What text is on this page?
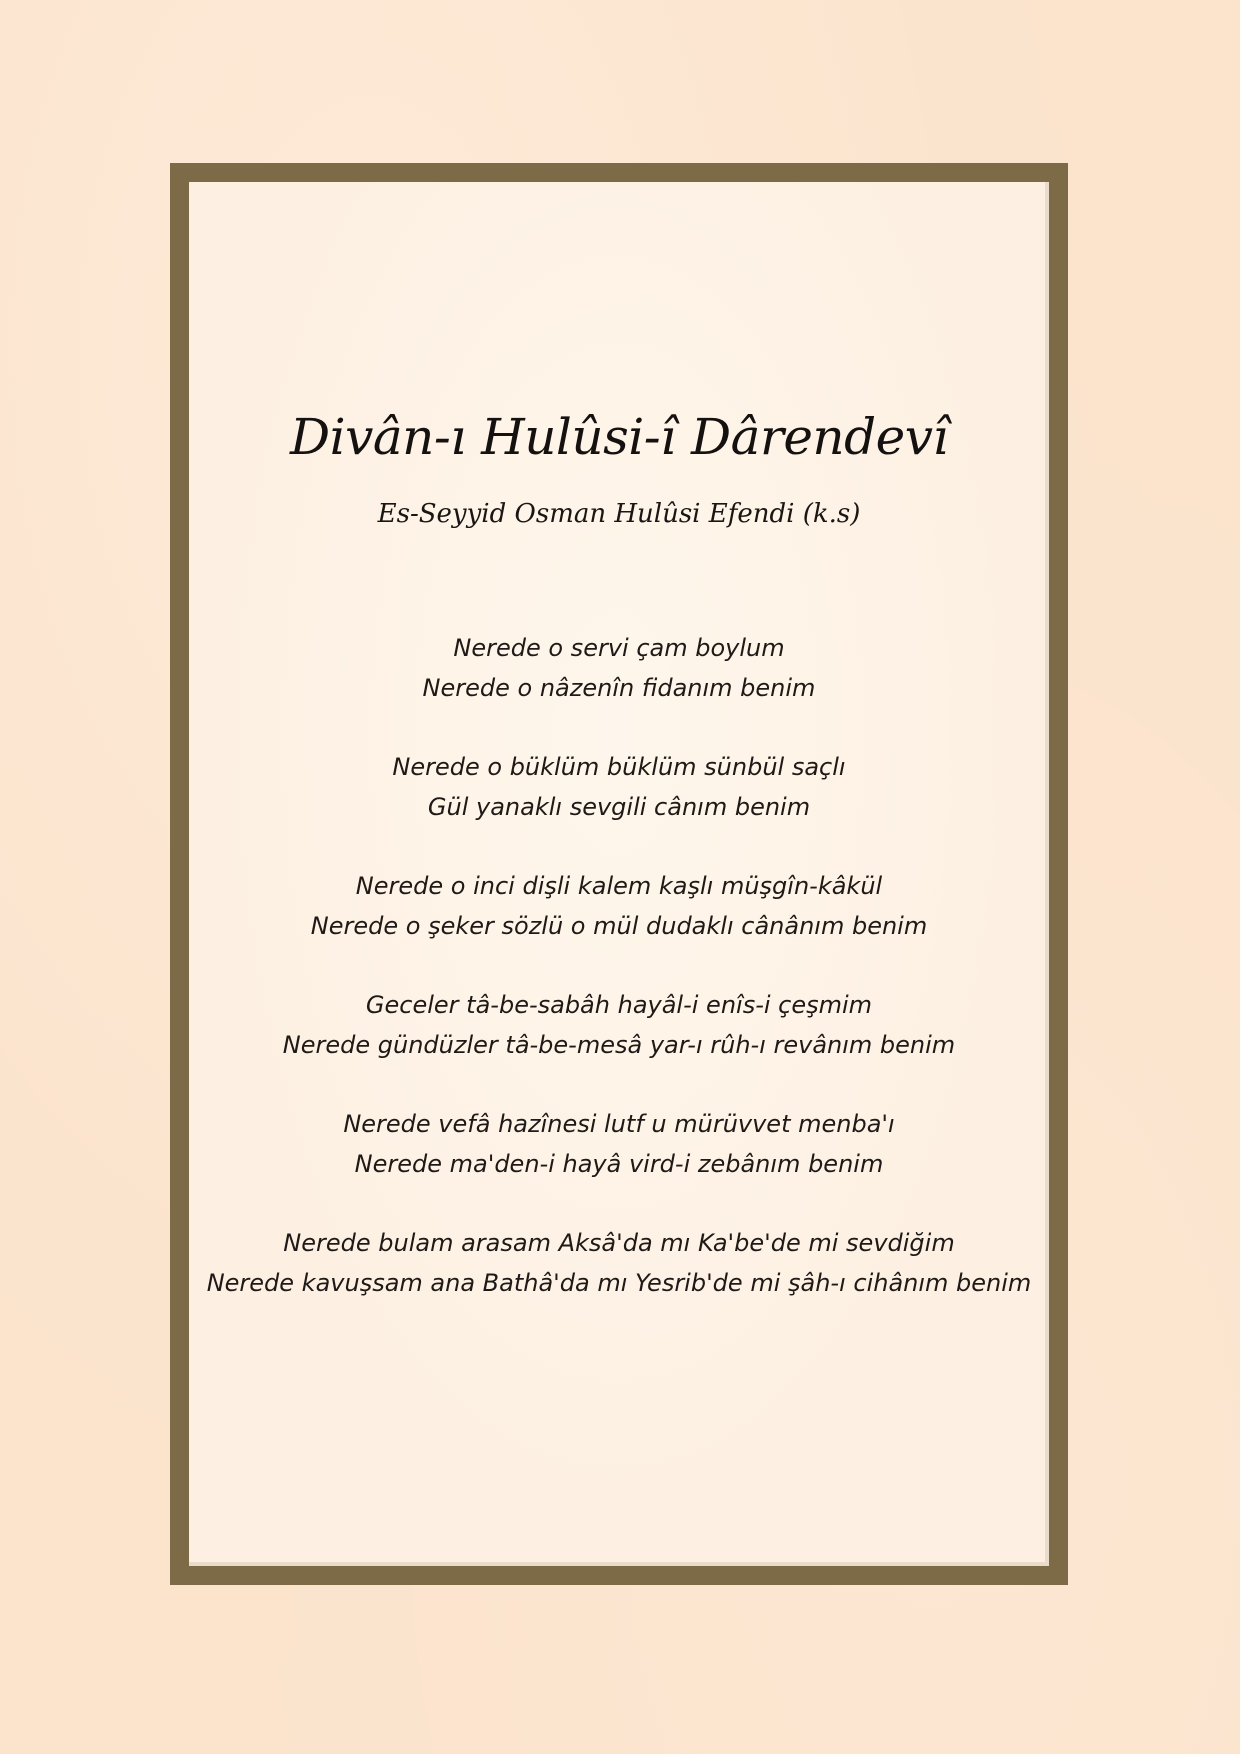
Divân-ı Hulûsi-î Dârendevî
Es-Seyyid Osman Hulûsi Efendi (k.s)
Nerede o servi çam boylum
Nerede o nâzenîn fidanım benim
Nerede o büklüm büklüm sünbül saçlı
Gül yanaklı sevgili cânım benim
Nerede o inci dişli kalem kaşlı müşgîn-kâkül
Nerede o şeker sözlü o mül dudaklı cânânım benim
Geceler tâ-be-sabâh hayâl-i enîs-i çeşmim
Nerede gündüzler tâ-be-mesâ yar-ı rûh-ı revânım benim
Nerede vefâ hazînesi lutf u mürüvvet menba'ı
Nerede ma'den-i hayâ vird-i zebânım benim
Nerede bulam arasam Aksâ'da mı Ka'be'de mi sevdiğim
Nerede kavuşsam ana Bathâ'da mı Yesrib'de mi şâh-ı cihânım benim
